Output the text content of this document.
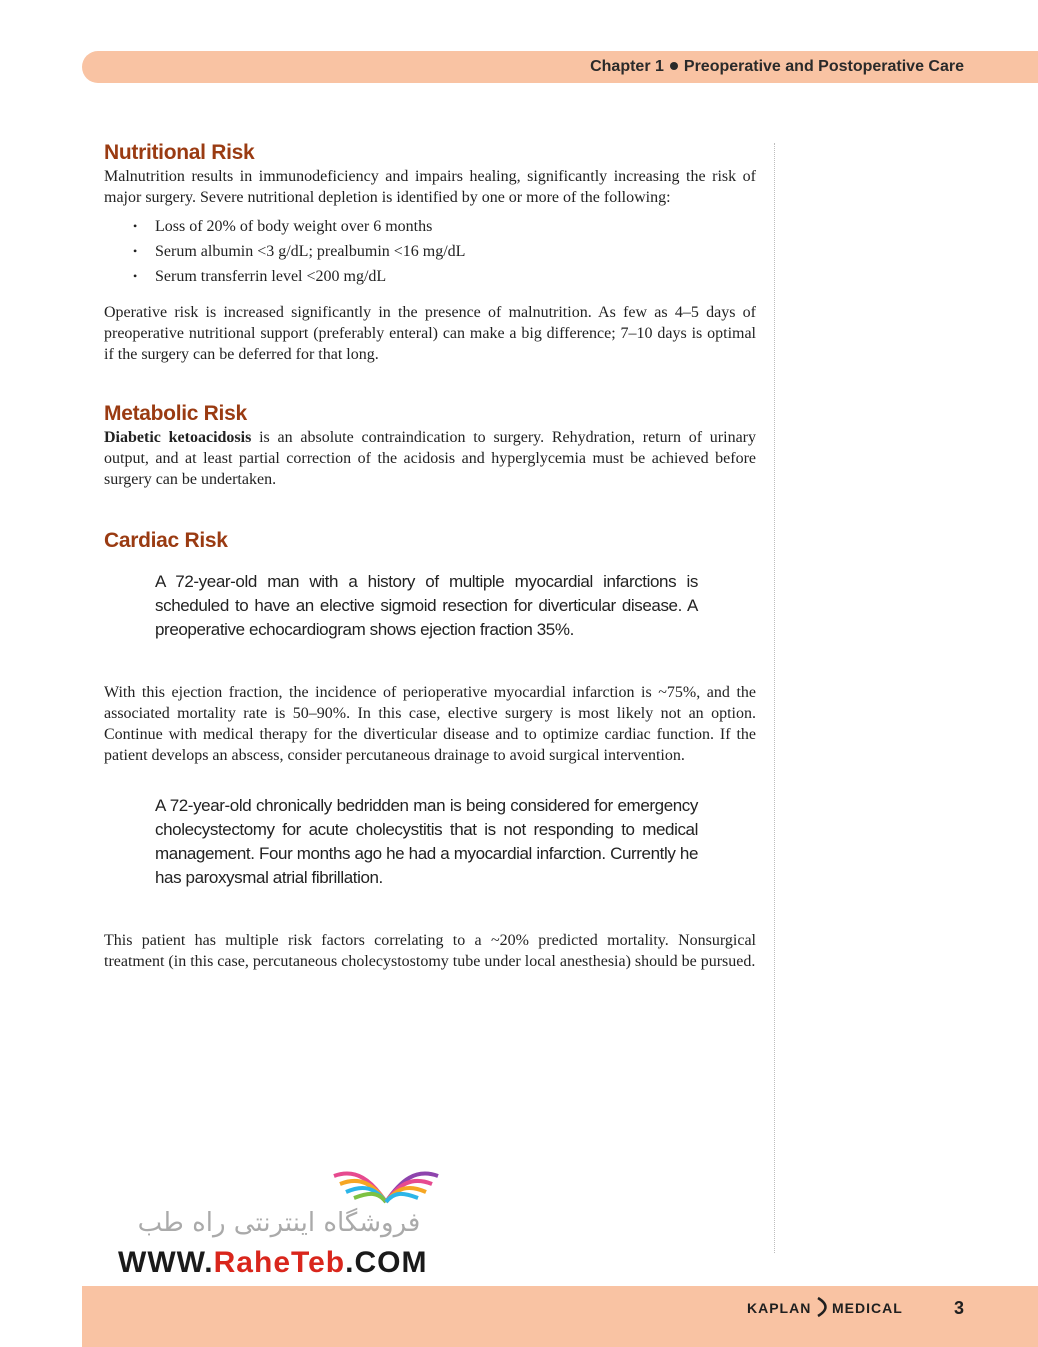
Chapter 1 Preoperative and Postoperative Care
Nutritional Risk

Malnutrition results in immunodeficiency and impairs healing, significantly increasing the risk of major surgery. Severe nutritional depletion is identified by one or more of the following:

• Loss of 20% of body weight over 6 months
• Serum albumin <3 g/dL; prealbumin <16 mg/dL
• Serum transferrin level <200 mg/dL

Operative risk is increased significantly in the presence of malnutrition. As few as 4–5 days of preoperative nutritional support (preferably enteral) can make a big difference; 7–10 days is optimal if the surgery can be deferred for that long.

Metabolic Risk

Diabetic ketoacidosis is an absolute contraindication to surgery. Rehydration, return of urinary output, and at least partial correction of the acidosis and hyperglycemia must be achieved before surgery can be undertaken.

Cardiac Risk
A 72-year-old man with a history of multiple myocardial infarctions is scheduled to have an elective sigmoid resection for diverticular disease. A preoperative echocardiogram shows ejection fraction 35%.

With this ejection fraction, the incidence of perioperative myocardial infarction is ~75%, and the associated mortality rate is 50–90%. In this case, elective surgery is most likely not an option. Continue with medical therapy for the diverticular disease and to optimize cardiac function. If the patient develops an abscess, consider percutaneous drainage to avoid surgical intervention.

A 72-year-old chronically bedridden man is being considered for emergency cholecystectomy for acute cholecystitis that is not responding to medical management. Four months ago he had a myocardial infarction. Currently he has paroxysmal atrial fibrillation.

This patient has multiple risk factors correlating to a ~20% predicted mortality. Nonsurgical treatment (in this case, percutaneous cholecystostomy tube under local anesthesia) should be pursued.

فروشگاه اینترنتی راه طب
WWW.RaheTeb.COM
KAPLAN MEDICAL	3
